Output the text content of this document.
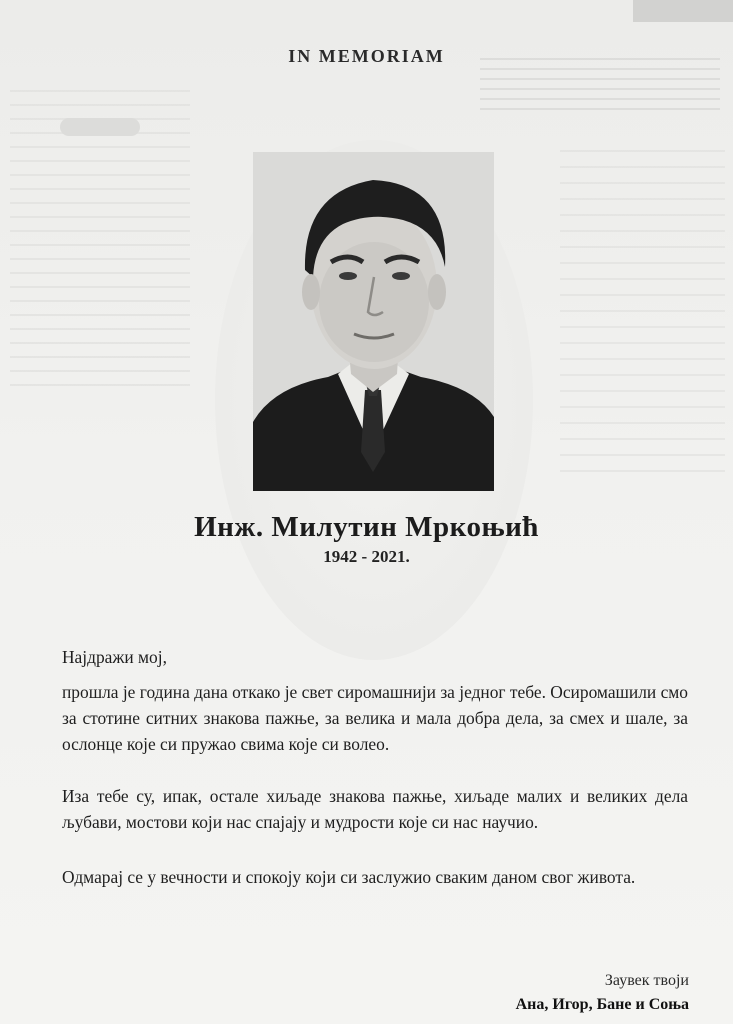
IN MEMORIAM
Инж. Милутин Мркоњић
1942 - 2021.
Најдражи мој,
прошла је година дана откако је свет сиромашнији за једног тебе. Осиромашили смо за стотине ситних знакова пажње, за велика и мала добра дела, за смех и шале, за ослонце које си пружао свима које си волео.
Иза тебе су, ипак, остале хиљаде знакова пажње, хиљаде малих и великих дела љубави, мостови који нас спајају и мудрости које си нас научио.
Одмарај се у вечности и спокоју који си заслужио сваким даном свог живота.
Заувек твоји
Ана, Игор, Бане и Соња
